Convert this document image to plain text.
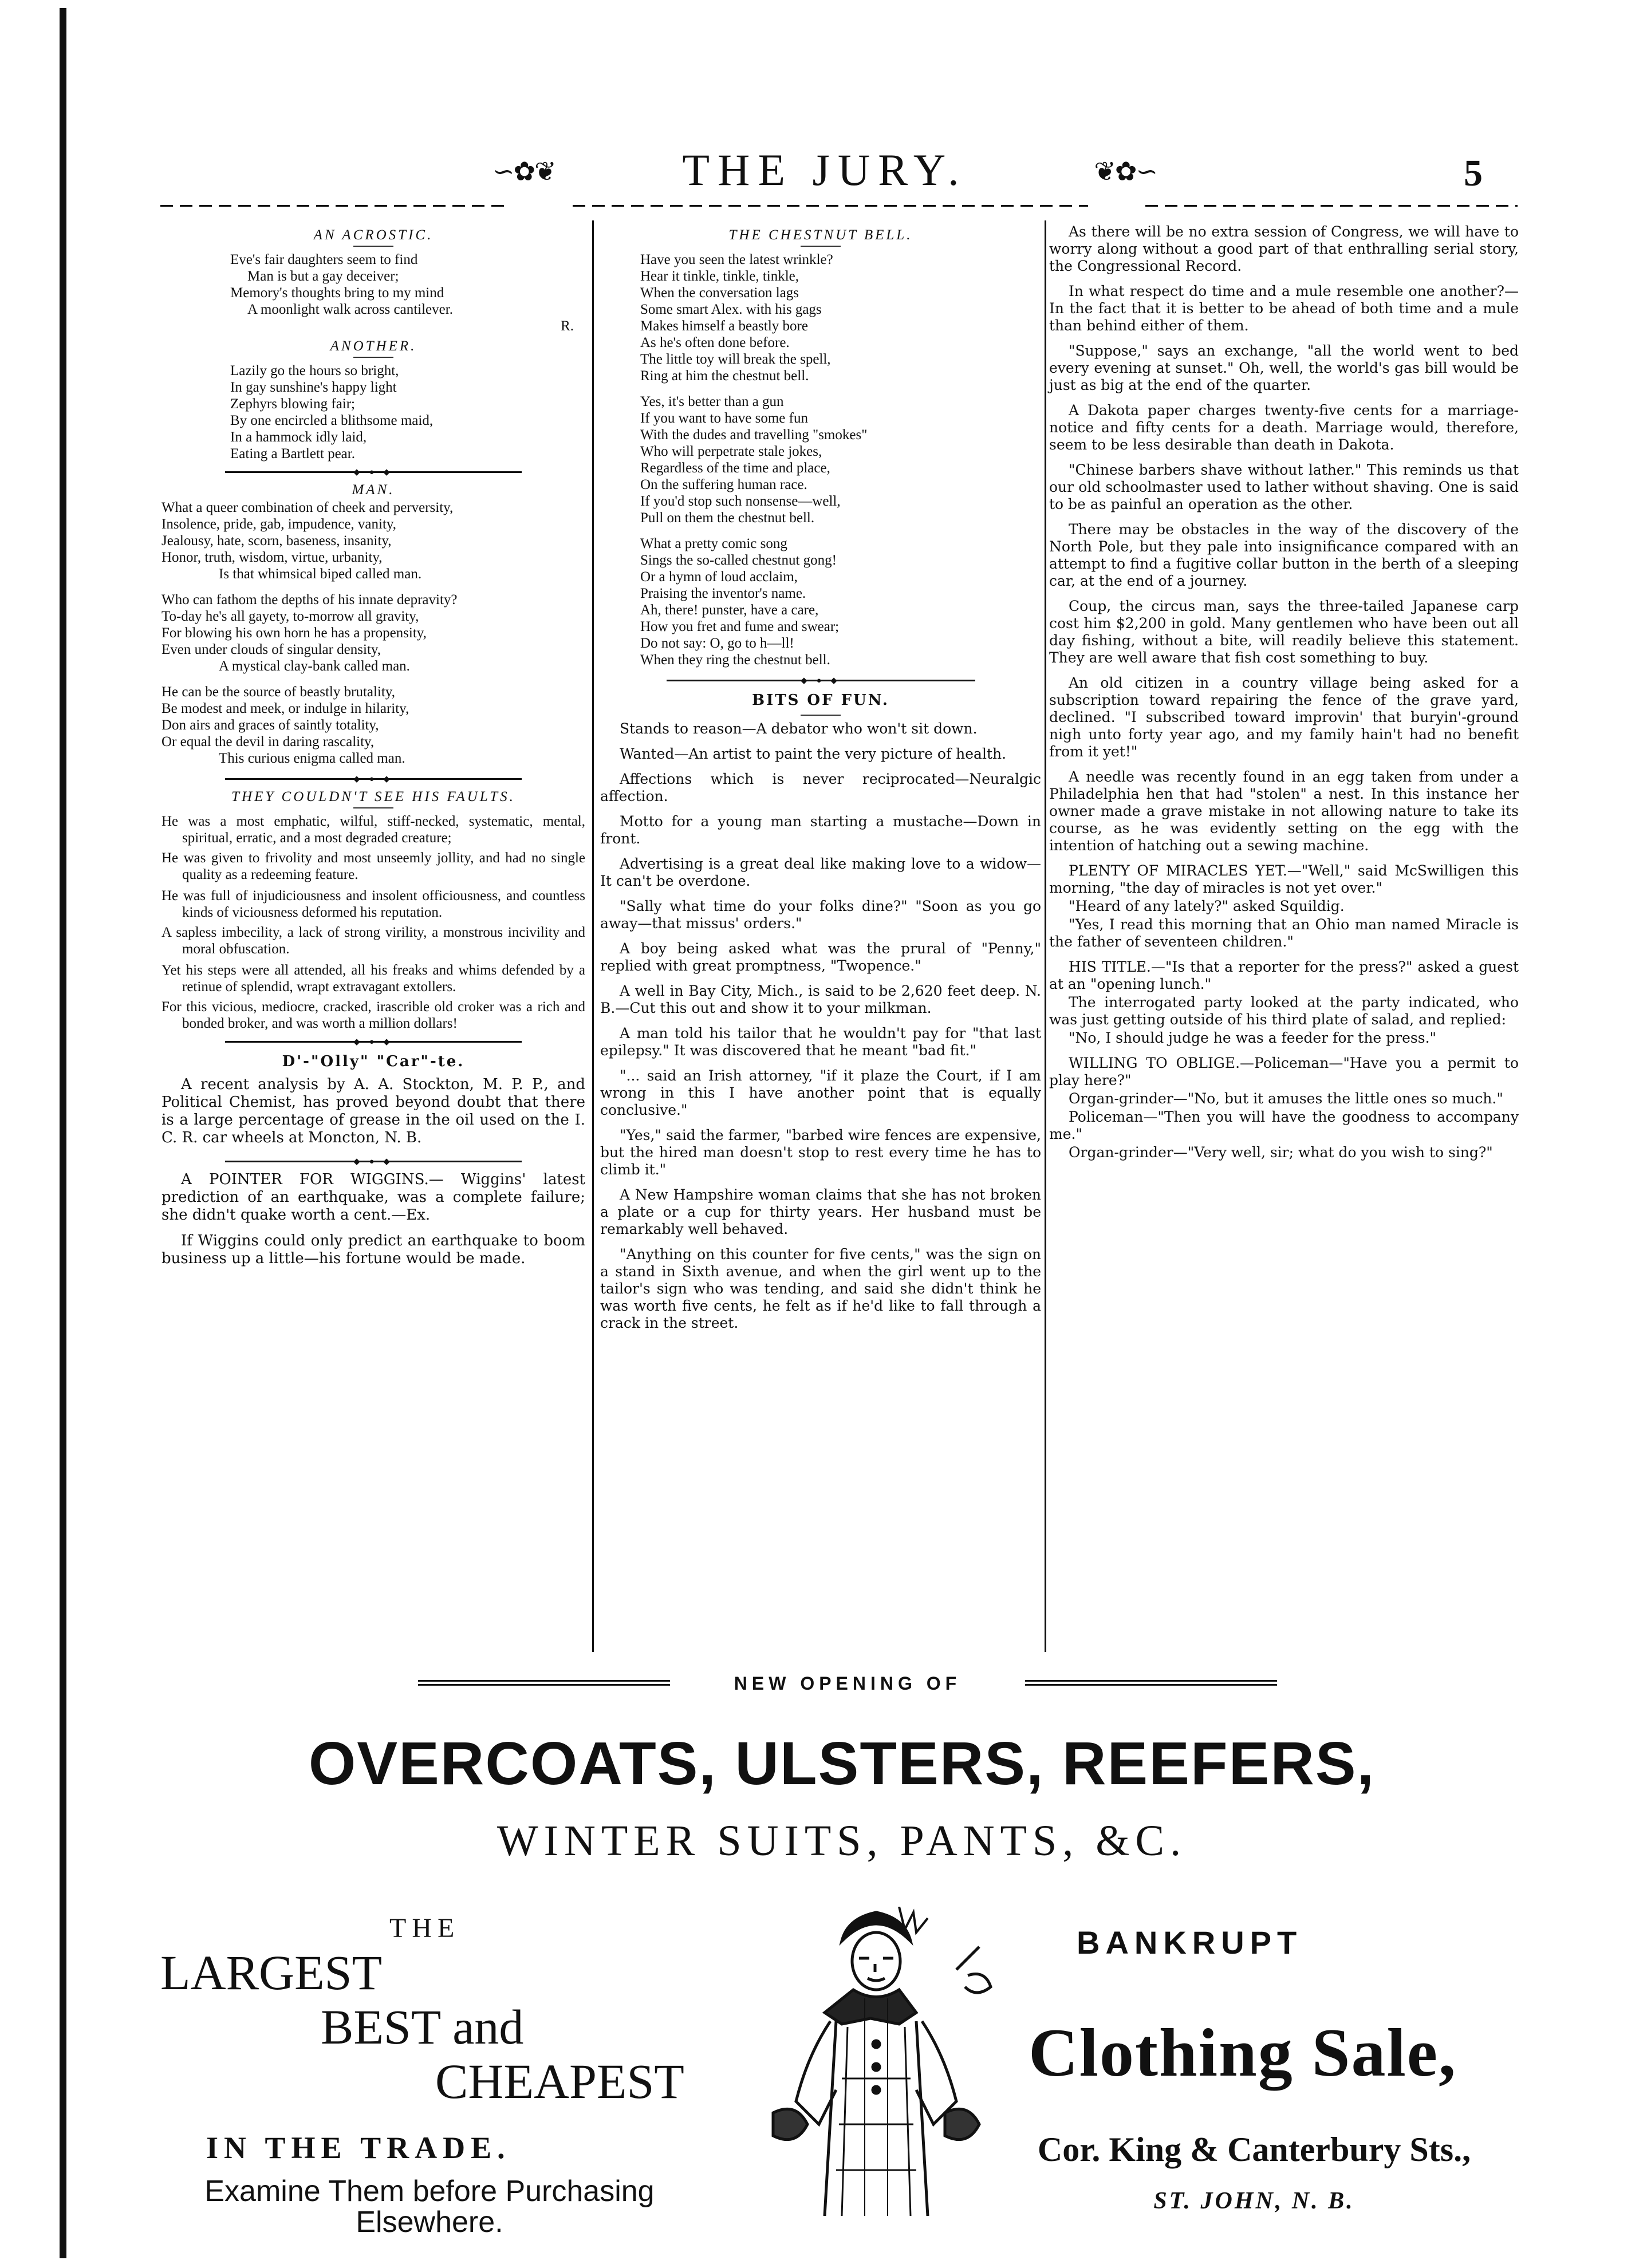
∽✿❦	THE JURY.	❦✿∽	5
AN ACROSTIC.
Eve's fair daughters seem to find
Man is but a gay deceiver;
Memory's thoughts bring to my mind
A moonlight walk across cantilever.
R.
ANOTHER.
Lazily go the hours so bright,
In gay sunshine's happy light
Zephyrs blowing fair;
By one encircled a blithsome maid,
In a hammock idly laid,
Eating a Bartlett pear.
◆ ● ◆
MAN.
What a queer combination of cheek and perversity,
Insolence, pride, gab, impudence, vanity,
Jealousy, hate, scorn, baseness, insanity,
Honor, truth, wisdom, virtue, urbanity,
Is that whimsical biped called man.
Who can fathom the depths of his innate depravity?
To-day he's all gayety, to-morrow all gravity,
For blowing his own horn he has a propensity,
Even under clouds of singular density,
A mystical clay-bank called man.
He can be the source of beastly brutality,
Be modest and meek, or indulge in hilarity,
Don airs and graces of saintly totality,
Or equal the devil in daring rascality,
This curious enigma called man.
◆ ● ◆
THEY COULDN'T SEE HIS FAULTS.
He was a most emphatic, wilful, stiff-necked, systematic, mental, spiritual, erratic, and a most degraded creature;
He was given to frivolity and most unseemly jollity, and had no single quality as a redeeming feature.
He was full of injudiciousness and insolent officiousness, and countless kinds of viciousness deformed his reputation.
A sapless imbecility, a lack of strong virility, a monstrous incivility and moral obfuscation.
Yet his steps were all attended, all his freaks and whims defended by a retinue of splendid, wrapt extravagant extollers.
For this vicious, mediocre, cracked, irascrible old croker was a rich and bonded broker, and was worth a million dollars!
◆ ● ◆
D'-"Olly" "Car"-te.
A recent analysis by A. A. Stockton, M. P. P., and Political Chemist, has proved beyond doubt that there is a large percentage of grease in the oil used on the I. C. R. car wheels at Moncton, N. B.
◆ ● ◆
A POINTER FOR WIGGINS.— Wiggins' latest prediction of an earthquake, was a complete failure; she didn't quake worth a cent.—Ex.
If Wiggins could only predict an earthquake to boom business up a little—his fortune would be made.
THE CHESTNUT BELL.
Have you seen the latest wrinkle?
Hear it tinkle, tinkle, tinkle,
When the conversation lags
Some smart Alex. with his gags
Makes himself a beastly bore
As he's often done before.
The little toy will break the spell,
Ring at him the chestnut bell.
Yes, it's better than a gun
If you want to have some fun
With the dudes and travelling "smokes"
Who will perpetrate stale jokes,
Regardless of the time and place,
On the suffering human race.
If you'd stop such nonsense—well,
Pull on them the chestnut bell.
What a pretty comic song
Sings the so-called chestnut gong!
Or a hymn of loud acclaim,
Praising the inventor's name.
Ah, there! punster, have a care,
How you fret and fume and swear;
Do not say: O, go to h—ll!
When they ring the chestnut bell.
◆ ● ◆
BITS OF FUN.
Stands to reason—A debator who won't sit down.
Wanted—An artist to paint the very picture of health.
Affections which is never reciprocated—Neuralgic affection.
Motto for a young man starting a mustache—Down in front.
Advertising is a great deal like making love to a widow—It can't be overdone.
"Sally what time do your folks dine?" "Soon as you go away—that missus' orders."
A boy being asked what was the prural of "Penny," replied with great promptness, "Twopence."
A well in Bay City, Mich., is said to be 2,620 feet deep. N. B.—Cut this out and show it to your milkman.
A man told his tailor that he wouldn't pay for "that last epilepsy." It was discovered that he meant "bad fit."
"... said an Irish attorney, "if it plaze the Court, if I am wrong in this I have another point that is equally conclusive."
"Yes," said the farmer, "barbed wire fences are expensive, but the hired man doesn't stop to rest every time he has to climb it."
A New Hampshire woman claims that she has not broken a plate or a cup for thirty years. Her husband must be remarkably well behaved.
"Anything on this counter for five cents," was the sign on a stand in Sixth avenue, and when the girl went up to the tailor's sign who was tending, and said she didn't think he was worth five cents, he felt as if he'd like to fall through a crack in the street.
As there will be no extra session of Congress, we will have to worry along without a good part of that enthralling serial story, the Congressional Record.
In what respect do time and a mule resemble one another?—In the fact that it is better to be ahead of both time and a mule than behind either of them.
"Suppose," says an exchange, "all the world went to bed every evening at sunset." Oh, well, the world's gas bill would be just as big at the end of the quarter.
A Dakota paper charges twenty-five cents for a marriage-notice and fifty cents for a death. Marriage would, therefore, seem to be less desirable than death in Dakota.
"Chinese barbers shave without lather." This reminds us that our old schoolmaster used to lather without shaving. One is said to be as painful an operation as the other.
There may be obstacles in the way of the discovery of the North Pole, but they pale into insignificance compared with an attempt to find a fugitive collar button in the berth of a sleeping car, at the end of a journey.
Coup, the circus man, says the three-tailed Japanese carp cost him $2,200 in gold. Many gentlemen who have been out all day fishing, without a bite, will readily believe this statement. They are well aware that fish cost something to buy.
An old citizen in a country village being asked for a subscription toward repairing the fence of the grave yard, declined. "I subscribed toward improvin' that buryin'-ground nigh unto forty year ago, and my family hain't had no benefit from it yet!"
A needle was recently found in an egg taken from under a Philadelphia hen that had "stolen" a nest. In this instance her owner made a grave mistake in not allowing nature to take its course, as he was evidently setting on the egg with the intention of hatching out a sewing machine.
PLENTY OF MIRACLES YET.—"Well," said McSwilligen this morning, "the day of miracles is not yet over."
"Heard of any lately?" asked Squildig.
"Yes, I read this morning that an Ohio man named Miracle is the father of seventeen children."
HIS TITLE.—"Is that a reporter for the press?" asked a guest at an "opening lunch."
The interrogated party looked at the party indicated, who was just getting outside of his third plate of salad, and replied:
"No, I should judge he was a feeder for the press."
WILLING TO OBLIGE.—Policeman—"Have you a permit to play here?"
Organ-grinder—"No, but it amuses the little ones so much."
Policeman—"Then you will have the goodness to accompany me."
Organ-grinder—"Very well, sir; what do you wish to sing?"
NEW OPENING OF
OVERCOATS, ULSTERS, REEFERS,
WINTER SUITS, PANTS, &C.
THE
LARGEST
BEST and
CHEAPEST
IN THE TRADE.
Examine Them before Purchasing Elsewhere.
BANKRUPT
Clothing Sale,
Cor. King & Canterbury Sts.,
ST. JOHN, N. B.
